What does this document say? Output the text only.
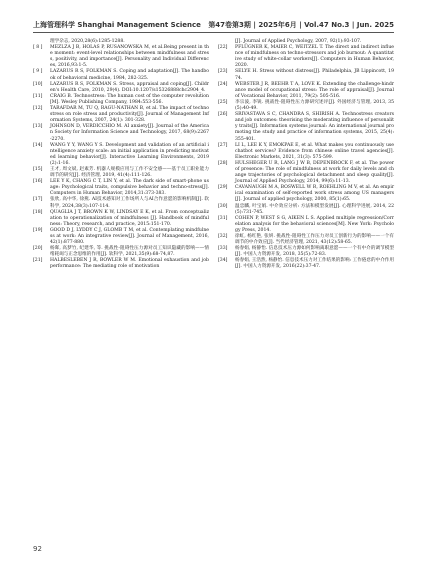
上海管理科学 Shanghai Management Science 第47卷第3期 | 2025年6月 | Vol.47 No.3 | Jun. 2025
理学杂志, 2020,28(6):1285-1288.
[ 8 ]	MEZLZA J B, HOLAS P, RUSANOWSKA M, et al.Being present in the moment: event-level relationships between mindfulness and stress, positivity, and importance[J]. Personality and Individual Differences, 2016,93:1-5.
[ 9 ]	LAZARUS R S, FOLKMAN S. Coping and adaptation[J]. The handbook of behavioral medicine, 1984, 282-325.
[10]	LAZARUS R S, FOLKMAN S. Stress, appraisal and coping[J]. Children's Health Care, 2010, 29(4). DOI:10.1207/s15326888chc2904_4.
[11]	CRAIG B. Technostress: The human cost of the computer revolution[M]. Wesley Publishing Company, 1984:553-556.
[12]	TARAFDAR M, TU Q, RAGU-NATHAN B, et al. The impact of technostress on role stress and productivity[J]. Journal of Management Information Systems, 2007, 24(1): 301-328.
[13]	JOHNSON D, VERDICCHIO M. AI anxiety[J]. Journal of the American Society for Information Science and Technology, 2017, 68(9):2267-2270.
[14]	WANG Y Y, WANG Y S. Development and validation of an artificial intelligence anxiety scale: an initial application in predicting motivated learning behavior[J]. Interactive Learning Environments, 2019(2):1-16.
[15]	王才, 周文斌, 赵素芳. 机器人规模应用与工作不安全感——基于员工职业能力调节的研究[J]. 经济管理, 2019, 41(4):111-126.
[16]	LEE Y K, CHANG C T, LIN Y, et al. The dark side of smart-phone usage: Psychological traits, compulsive behavior and techno-stress[J]. Computers in Human Behavior, 2014,31:373-383.
[17]	张欣, 高中华, 徐燕. AI技术感知对工作场所人与AI合作意愿的影响机制[J]. 软科学, 2024,38(3):107-114.
[18]	QUAGLIA J T, BROWN K W, LINDSAY E K, et al. From conceptualization to operationalization of mindfulness [J]. Handbook of mindfulness: Theory, research, and practice, 2015:151-170.
[19]	GOOD D J, LYDDY C J, GLOMB T M, et al. Contemplating mindfulness at work: An integrative review[J]. Journal of Management, 2016, 42(1):877-880.
[20]	杨晖, 高梦竹, 纪建华, 等. 挑战性-阻碍性压力源对员工知识隐藏的影响——情绪耗竭与正念思维的作用[J]. 软科学, 2021,35(9):68-74,87.
[21]	HALBESLEBEN J R, BOWLER W M. Emotional exhaustion and job performance: The mediating role of motivation
[J]. Journal of Applied Psychology, 2007, 92(1):93-107.
[22]	PFLÜGNER K, MAIER C, WEITZEL T. The direct and indirect influence of mindfulness on techno-stressors and job burnout: A quantitative study of white-collar workers[J]. Computers in Human Behavior, 2020.
[23]	SELYE H. Stress without distress[J]. Philadelphia, JB Lippincott, 1974.
[24]	WEBSTER J R, BEEHR T A, LOVE K. Extending the challenge-hindrance model of occupational stress: The role of appraisal[J]. Journal of Vocational Behavior, 2011, 79(2): 505-516.
[25]	李宗波, 李锐. 挑战性-阻碍性压力源研究述评[J]. 外国经济与管理, 2013, 35(5):40-49.
[26]	SRIVASTAVA S C, CHANDRA S, SHIRISH A. Technostress creators and job outcomes: theorising the moderating influence of personality traits[J]. Information systems journal: An international journal promoting the study and practice of information systems, 2015, 25(4):355-401.
[27]	LI L, LEE K Y, EMOKPAE E, et al. What makes you continuously use chatbot services? Evidence from chinese online travel agencies[J]. Electronic Markets, 2021, 31(3): 575-599.
[28]	HULSHEGER U R, LANG J W B, DEPENBROCK F, et al. The power of presence: The role of mindfulness at work for daily levels and change trajectories of psychological detachment and sleep quality[J]. Journal of Applied Psychology, 2014, 99(6):11-13.
[29]	CAVANAUGH M A, BOSWELL W R, ROEHLING M V, et al. An empirical examination of self-reported work stress among US managers[J]. Journal of applied psychology, 2000, 85(1):65.
[30]	温忠麟, 叶宝娟. 中介效应分析: 方法和模型发展[J]. 心理科学进展, 2014, 22(5):731-745.
[31]	COHEN P, WEST S G, AIKEN L S. Applied multiple regression/Correlation analysis for the behavioral sciences[M]. New York: Psychology Press, 2014.
[32]	徐虹, 杨红艳, 张妍. 挑战性-阻碍性工作压力对员工创新行为的影响——一个有调节的中介效应[J]. 当代经济管理, 2021, 43(12):58-65.
[33]	杨春娟, 杨静怡. 信息技术压力源如何影响离职意愿——一个有中介的调节模型[J]. 中国人力资源开发, 2018, 35(5):72-83.
[34]	杨春娟, 王浩然, 杨静怡. 信息技术压力对工作结果的影响: 工作倦怠的中介作用[J]. 中国人力资源开发, 2016(22):37-47.
92
